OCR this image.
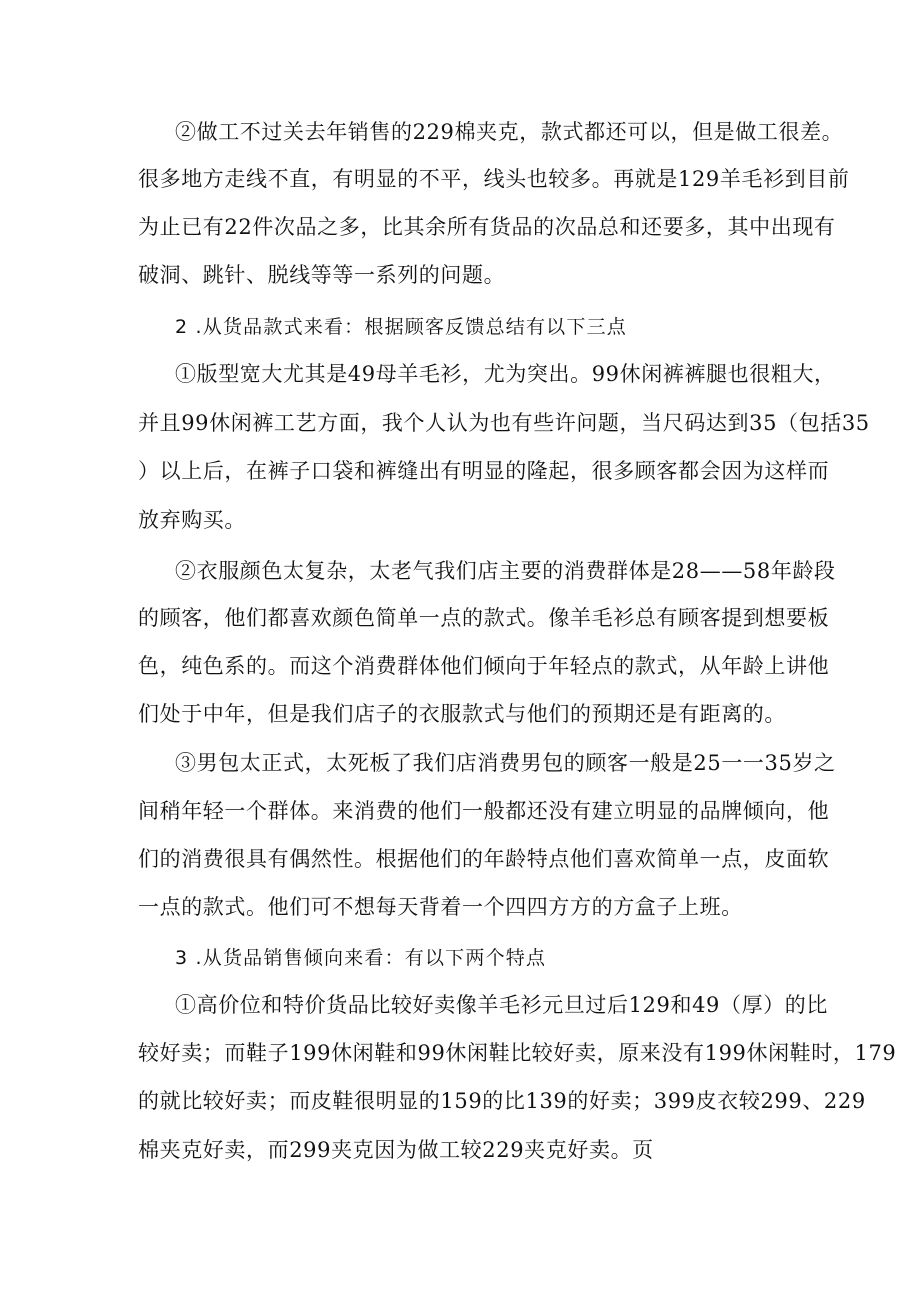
②做工不过关去年销售的229棉夹克，款式都还可以，但是做工很差。
很多地方走线不直，有明显的不平，线头也较多。再就是129羊毛衫到目前
为止已有22件次品之多，比其余所有货品的次品总和还要多，其中出现有
破洞、跳针、脱线等等一系列的问题。
2 .从货品款式来看：根据顾客反馈总结有以下三点
①版型宽大尤其是49母羊毛衫，尤为突出。99休闲裤裤腿也很粗大，
并且99休闲裤工艺方面，我个人认为也有些许问题，当尺码达到35（包括35
）以上后，在裤子口袋和裤缝出有明显的隆起，很多顾客都会因为这样而
放弃购买。
②衣服颜色太复杂，太老气我们店主要的消费群体是28——58年龄段
的顾客，他们都喜欢颜色简单一点的款式。像羊毛衫总有顾客提到想要板
色，纯色系的。而这个消费群体他们倾向于年轻点的款式，从年龄上讲他
们处于中年，但是我们店子的衣服款式与他们的预期还是有距离的。
③男包太正式，太死板了我们店消费男包的顾客一般是25一一35岁之
间稍年轻一个群体。来消费的他们一般都还没有建立明显的品牌倾向，他
们的消费很具有偶然性。根据他们的年龄特点他们喜欢简单一点，皮面软
一点的款式。他们可不想每天背着一个四四方方的方盒子上班。
3 .从货品销售倾向来看：有以下两个特点
①高价位和特价货品比较好卖像羊毛衫元旦过后129和49（厚）的比
较好卖；而鞋子199休闲鞋和99休闲鞋比较好卖，原来没有199休闲鞋时，179
的就比较好卖；而皮鞋很明显的159的比139的好卖；399皮衣较299、229
棉夹克好卖，而299夹克因为做工较229夹克好卖。页
